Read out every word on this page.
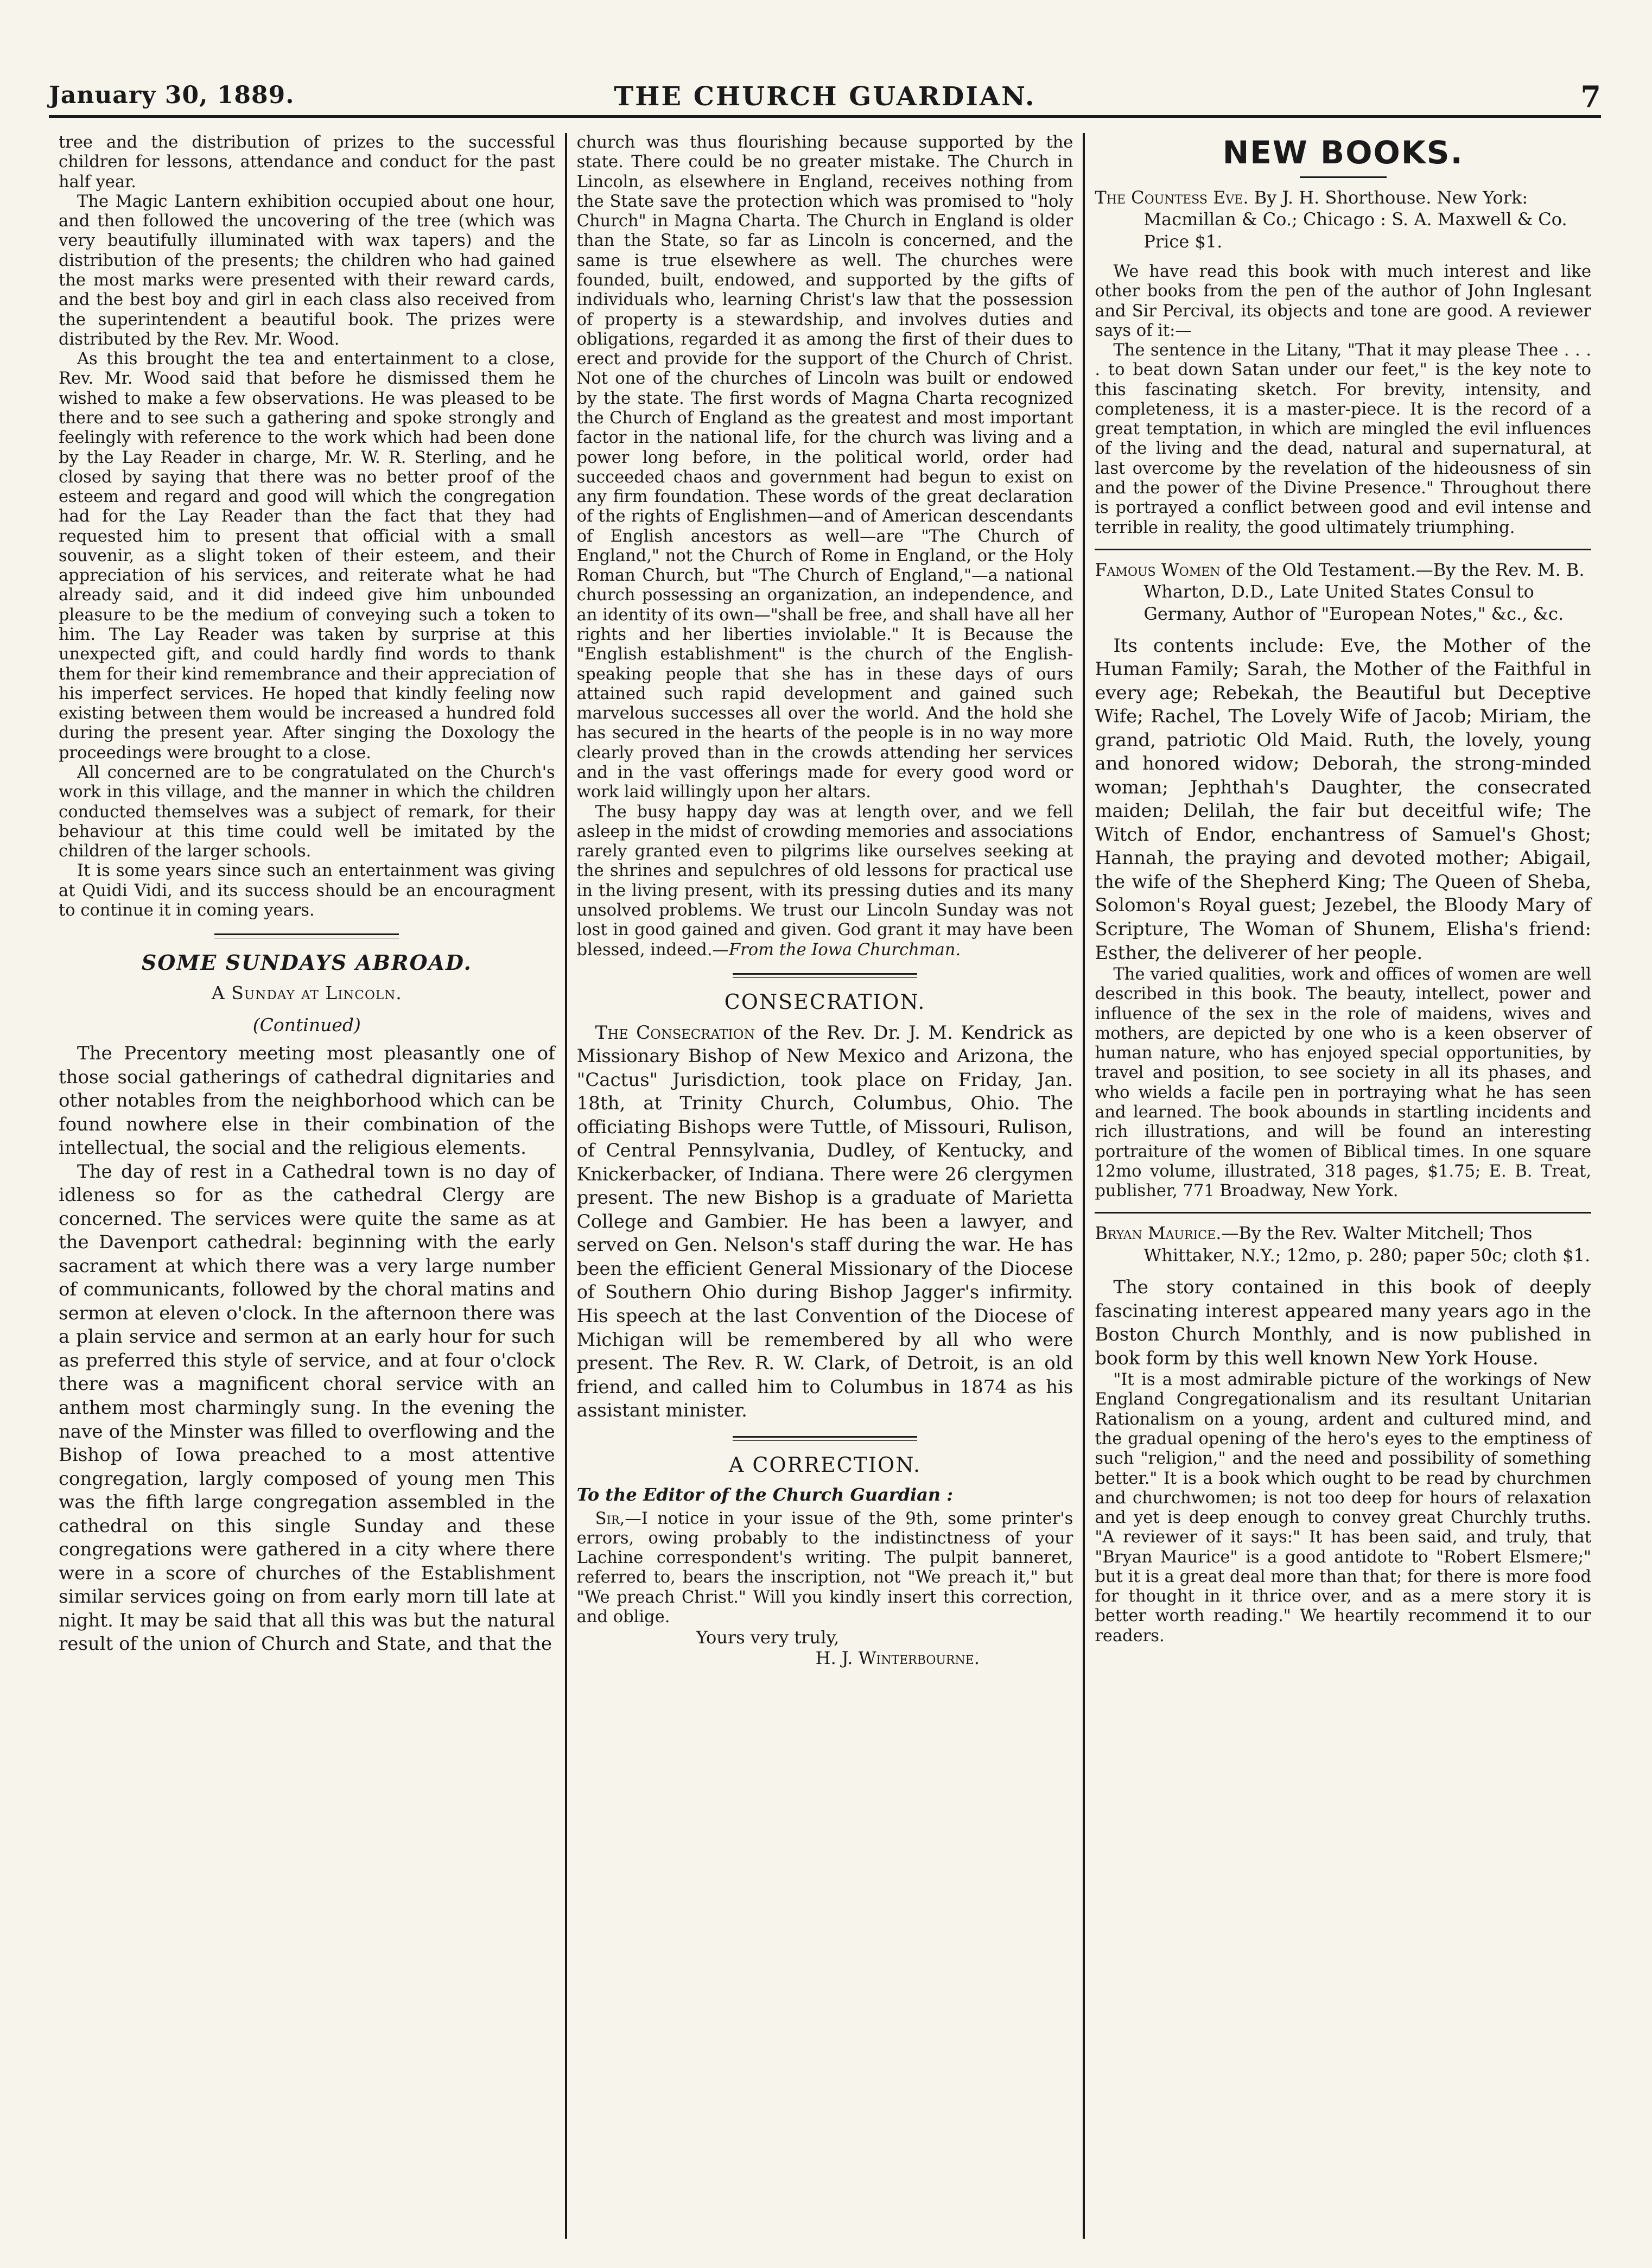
January 30, 1889.	THE CHURCH GUARDIAN.	7

tree and the distribution of prizes to the successful children for lessons, attendance and conduct for the past half year.

The Magic Lantern exhibition occupied about one hour, and then followed the uncovering of the tree (which was very beautifully illuminated with wax tapers) and the distribution of the presents; the children who had gained the most marks were presented with their reward cards, and the best boy and girl in each class also received from the superintendent a beautiful book. The prizes were distributed by the Rev. Mr. Wood.

As this brought the tea and entertainment to a close, Rev. Mr. Wood said that before he dismissed them he wished to make a few observations. He was pleased to be there and to see such a gathering and spoke strongly and feelingly with reference to the work which had been done by the Lay Reader in charge, Mr. W. R. Sterling, and he closed by saying that there was no better proof of the esteem and regard and good will which the congregation had for the Lay Reader than the fact that they had requested him to present that official with a small souvenir, as a slight token of their esteem, and their appreciation of his services, and reiterate what he had already said, and it did indeed give him unbounded pleasure to be the medium of conveying such a token to him. The Lay Reader was taken by surprise at this unexpected gift, and could hardly find words to thank them for their kind remembrance and their appreciation of his imperfect services. He hoped that kindly feeling now existing between them would be increased a hundred fold during the present year. After singing the Doxology the proceedings were brought to a close.

All concerned are to be congratulated on the Church's work in this village, and the manner in which the children conducted themselves was a subject of remark, for their behaviour at this time could well be imitated by the children of the larger schools.

It is some years since such an entertainment was giving at Quidi Vidi, and its success should be an encouragment to continue it in coming years.

SOME SUNDAYS ABROAD.
A Sunday at Lincoln.
(Continued)

The Precentory meeting most pleasantly one of those social gatherings of cathedral dignitaries and other notables from the neighborhood which can be found nowhere else in their combination of the intellectual, the social and the religious elements.

The day of rest in a Cathedral town is no day of idleness so for as the cathedral Clergy are concerned. The services were quite the same as at the Davenport cathedral: beginning with the early sacrament at which there was a very large number of communicants, followed by the choral matins and sermon at eleven o'clock. In the afternoon there was a plain service and sermon at an early hour for such as preferred this style of service, and at four o'clock there was a magnificent choral service with an anthem most charmingly sung. In the evening the nave of the Minster was filled to overflowing and the Bishop of Iowa preached to a most attentive congregation, largly composed of young men This was the fifth large congregation assembled in the cathedral on this single Sunday and these congregations were gathered in a city where there were in a score of churches of the Establishment similar services going on from early morn till late at night. It may be said that all this was but the natural result of the union of Church and State, and that the

church was thus flourishing because supported by the state. There could be no greater mistake. The Church in Lincoln, as elsewhere in England, receives nothing from the State save the protection which was promised to "holy Church" in Magna Charta. The Church in England is older than the State, so far as Lincoln is concerned, and the same is true elsewhere as well. The churches were founded, built, endowed, and supported by the gifts of individuals who, learning Christ's law that the possession of property is a stewardship, and involves duties and obligations, regarded it as among the first of their dues to erect and provide for the support of the Church of Christ. Not one of the churches of Lincoln was built or endowed by the state. The first words of Magna Charta recognized the Church of England as the greatest and most important factor in the national life, for the church was living and a power long before, in the political world, order had succeeded chaos and government had begun to exist on any firm foundation. These words of the great declaration of the rights of Englishmen—and of American descendants of English ancestors as well—are "The Church of England," not the Church of Rome in England, or the Holy Roman Church, but "The Church of England,"—a national church possessing an organization, an independence, and an identity of its own—"shall be free, and shall have all her rights and her liberties inviolable." It is Because the "English establishment" is the church of the English-speaking people that she has in these days of ours attained such rapid development and gained such marvelous successes all over the world. And the hold she has secured in the hearts of the people is in no way more clearly proved than in the crowds attending her services and in the vast offerings made for every good word or work laid willingly upon her altars.

The busy happy day was at length over, and we fell asleep in the midst of crowding memories and associations rarely granted even to pilgrims like ourselves seeking at the shrines and sepulchres of old lessons for practical use in the living present, with its pressing duties and its many unsolved problems. We trust our Lincoln Sunday was not lost in good gained and given. God grant it may have been blessed, indeed.—From the Iowa Churchman.

CONSECRATION.

The Consecration of the Rev. Dr. J. M. Kendrick as Missionary Bishop of New Mexico and Arizona, the "Cactus" Jurisdiction, took place on Friday, Jan. 18th, at Trinity Church, Columbus, Ohio. The officiating Bishops were Tuttle, of Missouri, Rulison, of Central Pennsylvania, Dudley, of Kentucky, and Knickerbacker, of Indiana. There were 26 clergymen present. The new Bishop is a graduate of Marietta College and Gambier. He has been a lawyer, and served on Gen. Nelson's staff during the war. He has been the efficient General Missionary of the Diocese of Southern Ohio during Bishop Jagger's infirmity. His speech at the last Convention of the Diocese of Michigan will be remembered by all who were present. The Rev. R. W. Clark, of Detroit, is an old friend, and called him to Columbus in 1874 as his assistant minister.

A CORRECTION.
To the Editor of the Church Guardian :

Sir,—I notice in your issue of the 9th, some printer's errors, owing probably to the indistinctness of your Lachine correspondent's writing. The pulpit banneret, referred to, bears the inscription, not "We preach it," but "We preach Christ." Will you kindly insert this correction, and oblige.

Yours very truly,

H. J. Winterbourne.

NEW BOOKS.

The Countess Eve. By J. H. Shorthouse. New York: Macmillan & Co.; Chicago : S. A. Maxwell & Co. Price $1.

We have read this book with much interest and like other books from the pen of the author of John Inglesant and Sir Percival, its objects and tone are good. A reviewer says of it:—

The sentence in the Litany, "That it may please Thee . . . . to beat down Satan under our feet," is the key note to this fascinating sketch. For brevity, intensity, and completeness, it is a master-piece. It is the record of a great temptation, in which are mingled the evil influences of the living and the dead, natural and supernatural, at last overcome by the revelation of the hideousness of sin and the power of the Divine Presence." Throughout there is portrayed a conflict between good and evil intense and terrible in reality, the good ultimately triumphing.

Famous Women of the Old Testament.—By the Rev. M. B. Wharton, D.D., Late United States Consul to Germany, Author of "European Notes," &c., &c.

Its contents include: Eve, the Mother of the Human Family; Sarah, the Mother of the Faithful in every age; Rebekah, the Beautiful but Deceptive Wife; Rachel, The Lovely Wife of Jacob; Miriam, the grand, patriotic Old Maid. Ruth, the lovely, young and honored widow; Deborah, the strong-minded woman; Jephthah's Daughter, the consecrated maiden; Delilah, the fair but deceitful wife; The Witch of Endor, enchantress of Samuel's Ghost; Hannah, the praying and devoted mother; Abigail, the wife of the Shepherd King; The Queen of Sheba, Solomon's Royal guest; Jezebel, the Bloody Mary of Scripture, The Woman of Shunem, Elisha's friend: Esther, the deliverer of her people.

The varied qualities, work and offices of women are well described in this book. The beauty, intellect, power and influence of the sex in the role of maidens, wives and mothers, are depicted by one who is a keen observer of human nature, who has enjoyed special opportunities, by travel and position, to see society in all its phases, and who wields a facile pen in portraying what he has seen and learned. The book abounds in startling incidents and rich illustrations, and will be found an interesting portraiture of the women of Biblical times. In one square 12mo volume, illustrated, 318 pages, $1.75; E. B. Treat, publisher, 771 Broadway, New York.

Bryan Maurice.—By the Rev. Walter Mitchell; Thos Whittaker, N.Y.; 12mo, p. 280; paper 50c; cloth $1.

The story contained in this book of deeply fascinating interest appeared many years ago in the Boston Church Monthly, and is now published in book form by this well known New York House.

"It is a most admirable picture of the workings of New England Congregationalism and its resultant Unitarian Rationalism on a young, ardent and cultured mind, and the gradual opening of the hero's eyes to the emptiness of such "religion," and the need and possibility of something better." It is a book which ought to be read by churchmen and churchwomen; is not too deep for hours of relaxation and yet is deep enough to convey great Churchly truths. "A reviewer of it says:" It has been said, and truly, that "Bryan Maurice" is a good antidote to "Robert Elsmere;" but it is a great deal more than that; for there is more food for thought in it thrice over, and as a mere story it is better worth reading." We heartily recommend it to our readers.
